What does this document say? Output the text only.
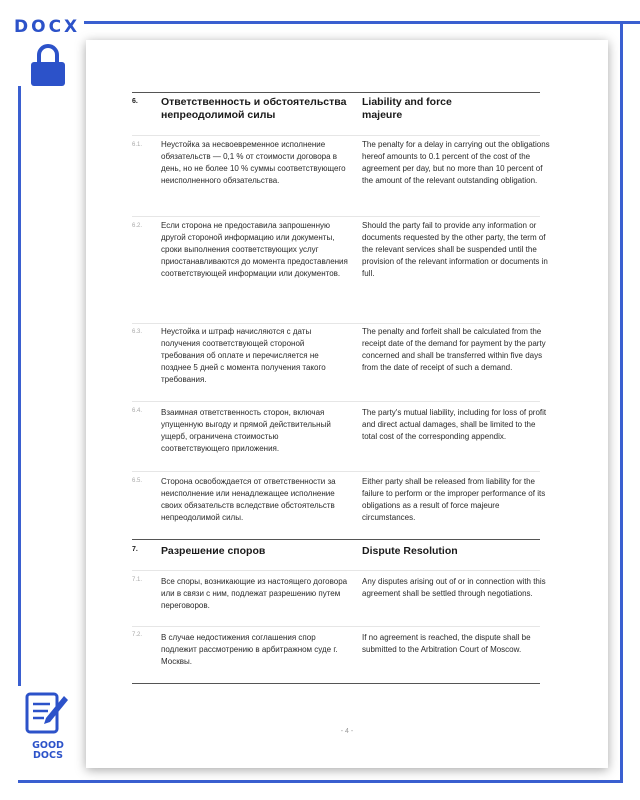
DOCX
6. Ответственность и обстоятельства непреодолимой силы
Liability and force majeure
6.1. Неустойка за несвоевременное исполнение обязательств — 0,1 % от стоимости договора в день, но не более 10 % суммы соответствующего неисполненного обязательства.
The penalty for a delay in carrying out the obligations hereof amounts to 0.1 percent of the cost of the agreement per day, but no more than 10 percent of the amount of the relevant outstanding obligation.
6.2. Если сторона не предоставила запрошенную другой стороной информацию или документы, сроки выполнения соответствующих услуг приостанавливаются до момента предоставления соответствующей информации или документов.
Should the party fail to provide any information or documents requested by the other party, the term of the relevant services shall be suspended until the provision of the relevant information or documents in full.
6.3. Неустойка и штраф начисляются с даты получения соответствующей стороной требования об оплате и перечисляется не позднее 5 дней с момента получения такого требования.
The penalty and forfeit shall be calculated from the receipt date of the demand for payment by the party concerned and shall be transferred within five days from the date of receipt of such a demand.
6.4. Взаимная ответственность сторон, включая упущенную выгоду и прямой действительный ущерб, ограничена стоимостью соответствующего приложения.
The party's mutual liability, including for loss of profit and direct actual damages, shall be limited to the total cost of the corresponding appendix.
6.5. Сторона освобождается от ответственности за неисполнение или ненадлежащее исполнение своих обязательств вследствие обстоятельств непреодолимой силы.
Either party shall be released from liability for the failure to perform or the improper performance of its obligations as a result of force majeure circumstances.
7. Разрешение споров	Dispute Resolution
7.1. Все споры, возникающие из настоящего договора или в связи с ним, подлежат разрешению путем переговоров.
Any disputes arising out of or in connection with this agreement shall be settled through negotiations.
7.2. В случае недостижения соглашения спор подлежит рассмотрению в арбитражном суде г. Москвы.
If no agreement is reached, the dispute shall be submitted to the Arbitration Court of Moscow.
- 4 -
GOOD
DOCS
